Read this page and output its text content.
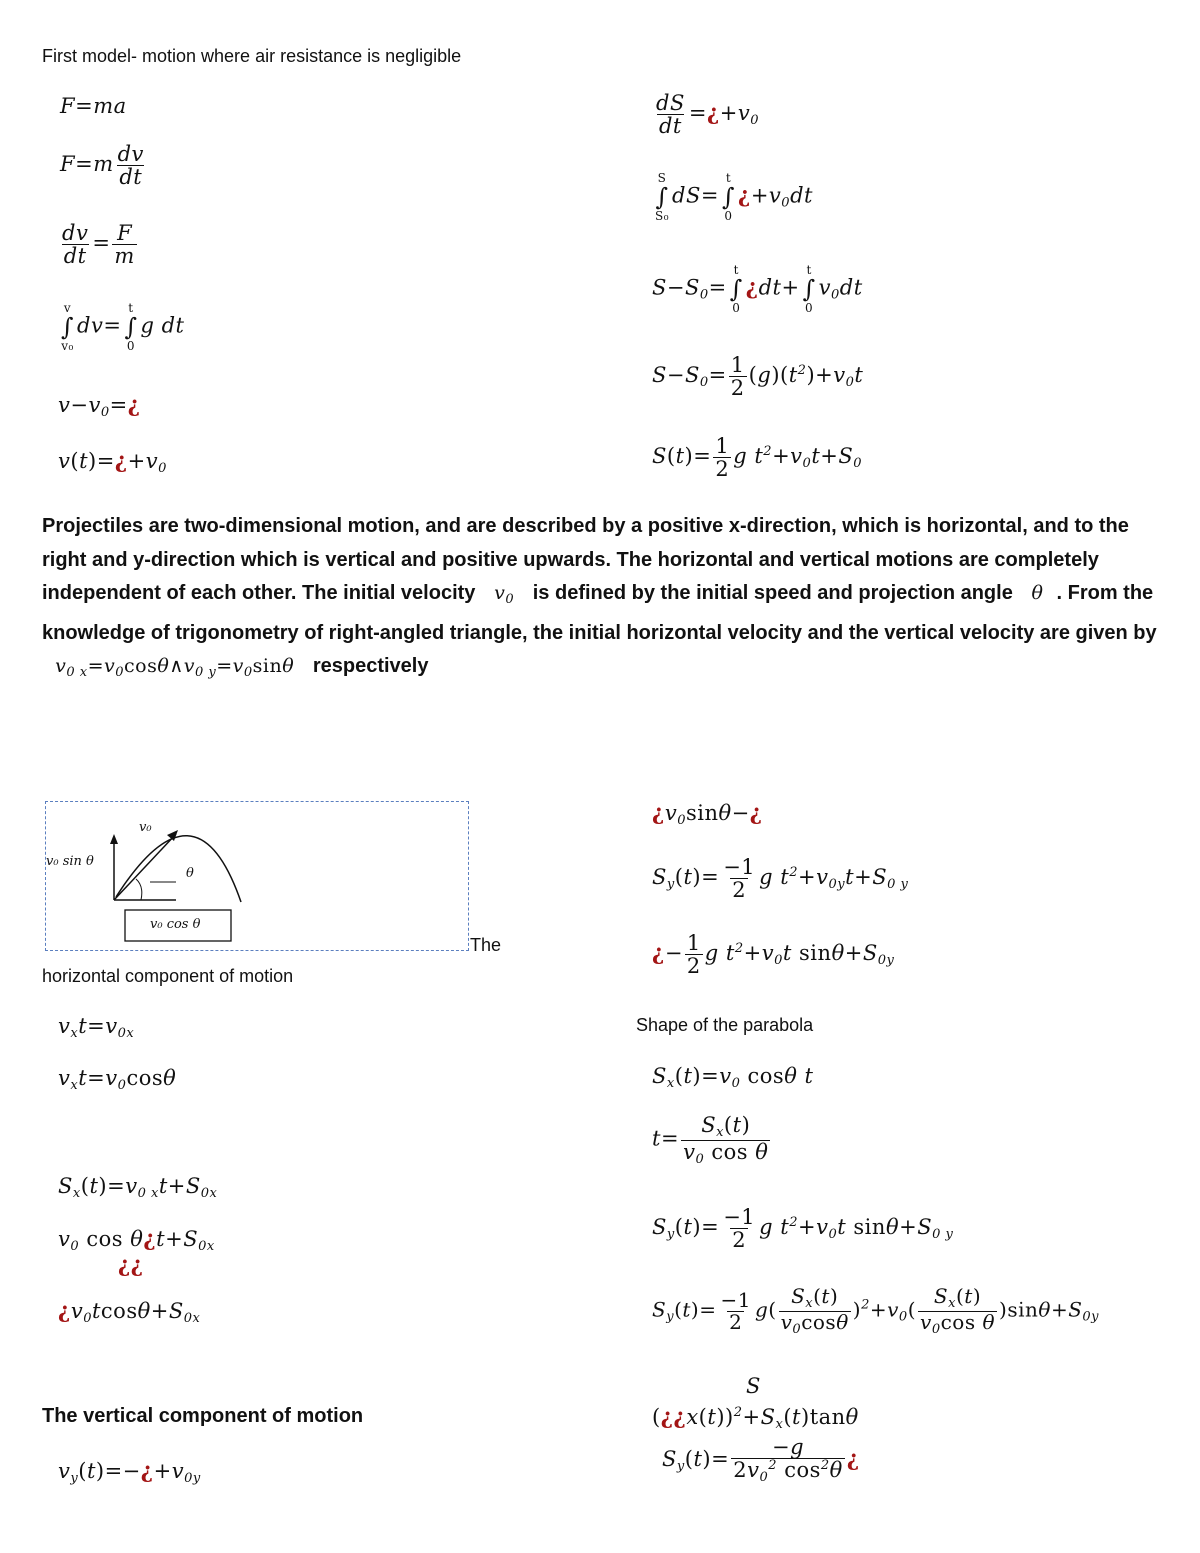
First model- motion where air resistance is negligible
F=ma
$F=m \frac{dv}{dt}$
$\frac{dv}{dt} = \frac{F}{m}$
v
∫
v₀
dv=
t
∫
0
g dt
$v-v_0=¿$
$v(t)=¿+v_0$
$\frac{dS}{dt}$ $=¿+v_0$
S
∫
S₀
dS=
t
∫
0
¿$+v_0dt$
$S-S_0=$
t
∫
0
¿dt+
t
∫
0
$v_0dt$
$S-S_0= \frac{1}{2} (g)(t^2)+v_0t$
$S(t)= \frac{1}{2}$ g $t^2+v_0t+S_0$
Projectiles are two-dimensional motion, and are described by a positive x-direction, which is horizontal, and to the right and y-direction which is vertical and positive upwards. The horizontal and vertical motions are completely independent of each other. The initial velocity   $v_0$ is defined by the initial speed and projection angle   θ  . From the knowledge of trigonometry of right-angled triangle, the initial horizontal velocity and the vertical velocity are given by   $v_{0 x}=v_0\cos\theta\wedge v_{0 y}=v_0\sin\theta$   respectively
v₀
v₀ sin θ
θ
v₀ cos θ
The
horizontal component of motion
$v_xt=v_{0x}$
$v_xt=v_0\cos\theta$
$S_x(t)=v_{0 x}t+S_{0x}$
$v_0$ $\cos \theta¿t+S_{0x}$
¿¿
¿$v_0tcos\theta+S_{0x}$
The vertical component of motion
$v_y(t)=-¿+v_{0y}$
¿$v_0\sin\theta-¿$
$S_y(t)= \frac{-1}{2}$ g $t^2+v_{0y}t+S_{0 y}$
¿− $\frac{1}{2}$ g $t^2+v_0t$ $\sin\theta+S_{0y}$
Shape of the parabola
$S_x(t)=v_0$ cosθ t
$t= \frac{S_x(t)}{v_0 \cos \theta}$
$S_y(t)= \frac{-1}{2}$ g $t^2+v_0t$ $\sin\theta+S_{0 y}$
$S_y(t)= \frac{-1}{2} g( \frac{S_x(t)}{v_0\cos\theta} )^2+v_0( \frac{S_x(t)}{v_0\cos \theta} )\sin\theta+S_{0y}$
S
$(¿¿x(t))^2+S_x(t)\tan\theta$
$S_y(t)= \frac{-g}{2v_0^2 \cos^2\theta}$ ¿
